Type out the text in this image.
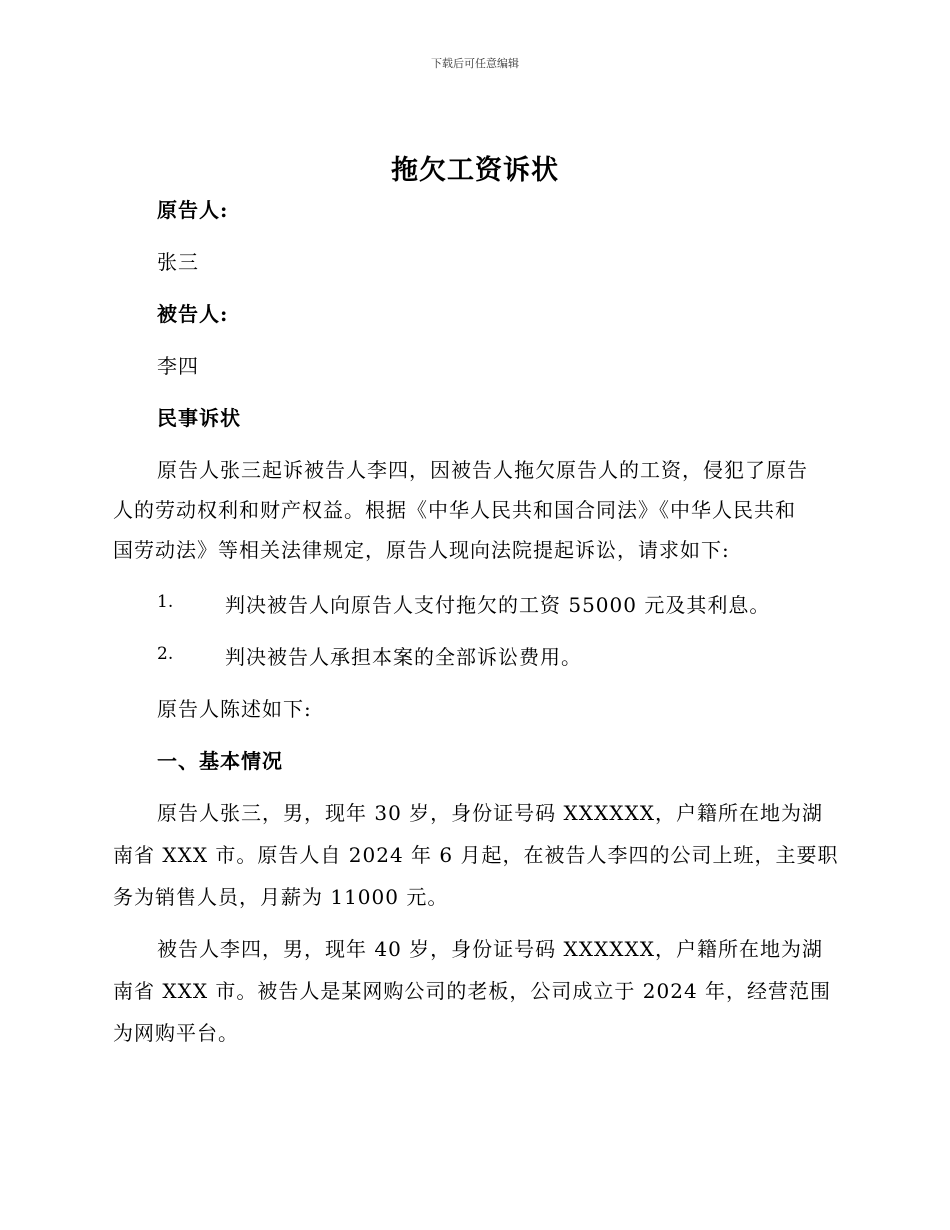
下载后可任意编辑
拖欠工资诉状
原告人:
张三
被告人:
李四
民事诉状
原告人张三起诉被告人李四，因被告人拖欠原告人的工资，侵犯了原告
人的劳动权利和财产权益。根据《中华人民共和国合同法》《中华人民共和
国劳动法》等相关法律规定，原告人现向法院提起诉讼，请求如下:
1.	判决被告人向原告人支付拖欠的工资 55000 元及其利息。
2.	判决被告人承担本案的全部诉讼费用。
原告人陈述如下:
一、基本情况
原告人张三，男，现年 30 岁，身份证号码 XXXXXX，户籍所在地为湖
南省 XXX 市。原告人自 2024 年 6 月起，在被告人李四的公司上班，主要职
务为销售人员，月薪为 11000 元。
被告人李四，男，现年 40 岁，身份证号码 XXXXXX，户籍所在地为湖
南省 XXX 市。被告人是某网购公司的老板，公司成立于 2024 年，经营范围
为网购平台。
